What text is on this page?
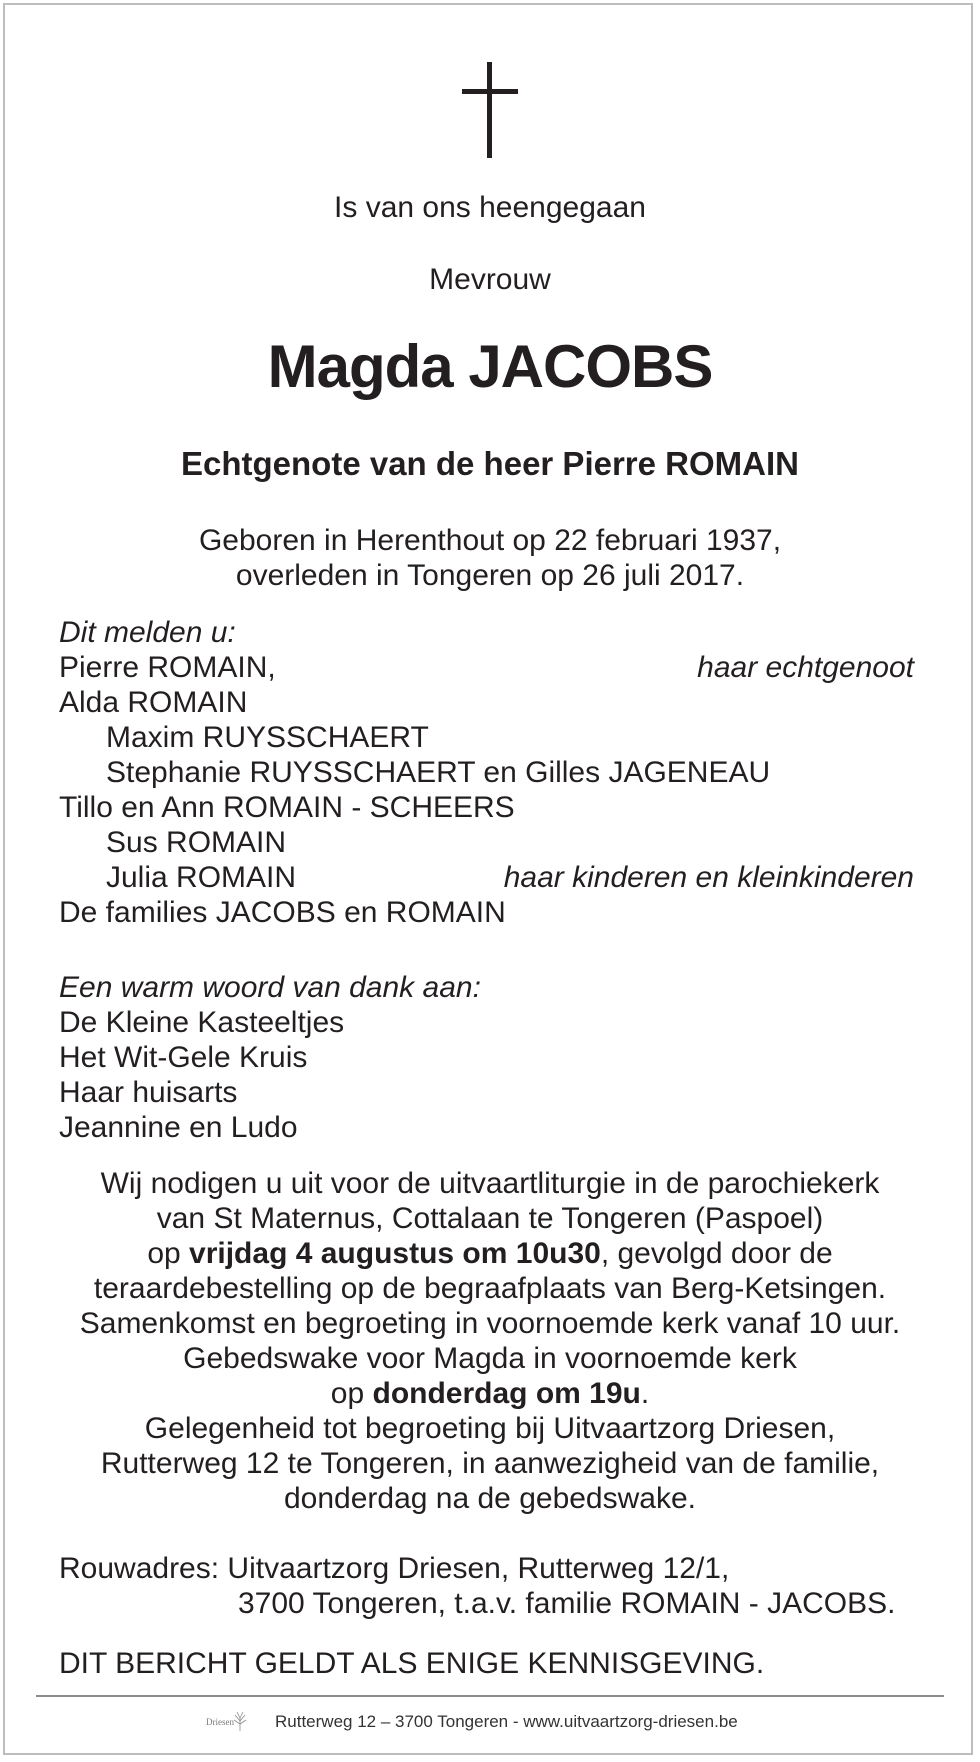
Is van ons heengegaan
Mevrouw
Magda JACOBS
Echtgenote van de heer Pierre ROMAIN
Geboren in Herenthout op 22 februari 1937,
overleden in Tongeren op 26 juli 2017.
Dit melden u:
Pierre ROMAIN,	haar echtgenoot
Alda ROMAIN
Maxim RUYSSCHAERT
Stephanie RUYSSCHAERT en Gilles JAGENEAU
Tillo en Ann ROMAIN - SCHEERS
Sus ROMAIN
Julia ROMAIN	haar kinderen en kleinkinderen
De families JACOBS en ROMAIN
Een warm woord van dank aan:
De Kleine Kasteeltjes
Het Wit-Gele Kruis
Haar huisarts
Jeannine en Ludo
Wij nodigen u uit voor de uitvaartliturgie in de parochiekerk
van St Maternus, Cottalaan te Tongeren (Paspoel)
op vrijdag 4 augustus om 10u30, gevolgd door de
teraardebestelling op de begraafplaats van Berg-Ketsingen.
Samenkomst en begroeting in voornoemde kerk vanaf 10 uur.
Gebedswake voor Magda in voornoemde kerk
op donderdag om 19u.
Gelegenheid tot begroeting bij Uitvaartzorg Driesen,
Rutterweg 12 te Tongeren, in aanwezigheid van de familie,
donderdag na de gebedswake.
Rouwadres: Uitvaartzorg Driesen, Rutterweg 12/1,
3700 Tongeren, t.a.v. familie ROMAIN - JACOBS.
DIT BERICHT GELDT ALS ENIGE KENNISGEVING.
Driesen Rutterweg 12 – 3700 Tongeren - www.uitvaartzorg-driesen.be
